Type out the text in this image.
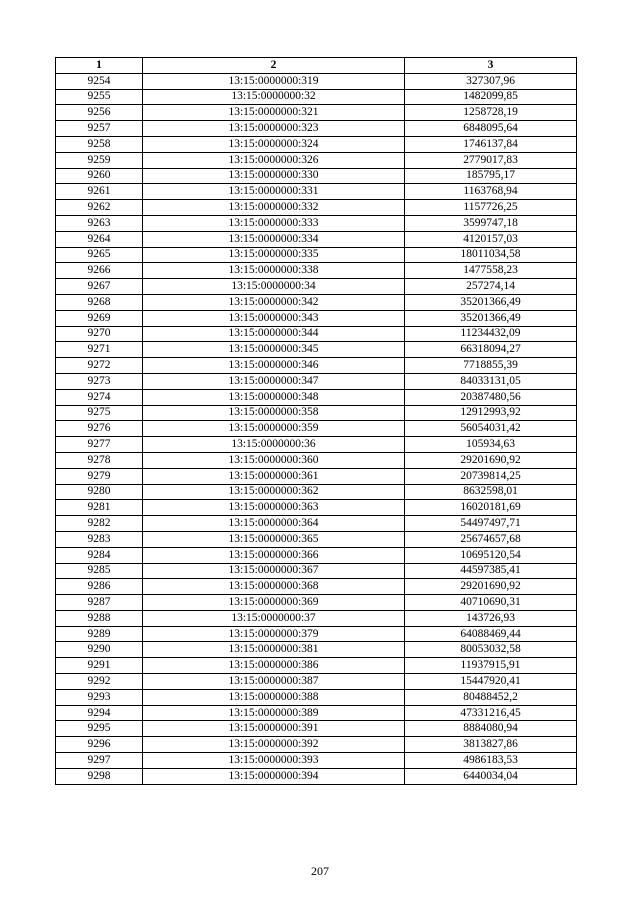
1	2	3
9254	13:15:0000000:319	327307,96
9255	13:15:0000000:32	1482099,85
9256	13:15:0000000:321	1258728,19
9257	13:15:0000000:323	6848095,64
9258	13:15:0000000:324	1746137,84
9259	13:15:0000000:326	2779017,83
9260	13:15:0000000:330	185795,17
9261	13:15:0000000:331	1163768,94
9262	13:15:0000000:332	1157726,25
9263	13:15:0000000:333	3599747,18
9264	13:15:0000000:334	4120157,03
9265	13:15:0000000:335	18011034,58
9266	13:15:0000000:338	1477558,23
9267	13:15:0000000:34	257274,14
9268	13:15:0000000:342	35201366,49
9269	13:15:0000000:343	35201366,49
9270	13:15:0000000:344	11234432,09
9271	13:15:0000000:345	66318094,27
9272	13:15:0000000:346	7718855,39
9273	13:15:0000000:347	84033131,05
9274	13:15:0000000:348	20387480,56
9275	13:15:0000000:358	12912993,92
9276	13:15:0000000:359	56054031,42
9277	13:15:0000000:36	105934,63
9278	13:15:0000000:360	29201690,92
9279	13:15:0000000:361	20739814,25
9280	13:15:0000000:362	8632598,01
9281	13:15:0000000:363	16020181,69
9282	13:15:0000000:364	54497497,71
9283	13:15:0000000:365	25674657,68
9284	13:15:0000000:366	10695120,54
9285	13:15:0000000:367	44597385,41
9286	13:15:0000000:368	29201690,92
9287	13:15:0000000:369	40710690,31
9288	13:15:0000000:37	143726,93
9289	13:15:0000000:379	64088469,44
9290	13:15:0000000:381	80053032,58
9291	13:15:0000000:386	11937915,91
9292	13:15:0000000:387	15447920,41
9293	13:15:0000000:388	80488452,2
9294	13:15:0000000:389	47331216,45
9295	13:15:0000000:391	8884080,94
9296	13:15:0000000:392	3813827,86
9297	13:15:0000000:393	4986183,53
9298	13:15:0000000:394	6440034,04
207
